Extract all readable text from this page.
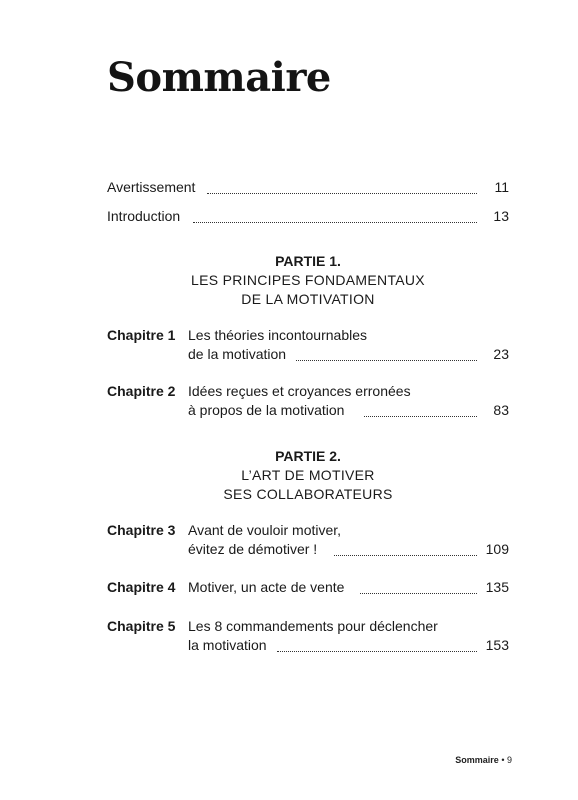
Sommaire
Avertissement	11
Introduction	13
PARTIE 1.
LES PRINCIPES FONDAMENTAUX
DE LA MOTIVATION
Chapitre 1 Les théories incontournables
de la motivation	23
Chapitre 2 Idées reçues et croyances erronées
à propos de la motivation	83
PARTIE 2.
L’ART DE MOTIVER
SES COLLABORATEURS
Chapitre 3 Avant de vouloir motiver,
évitez de démotiver !	109
Chapitre 4 Motiver, un acte de vente	135
Chapitre 5 Les 8 commandements pour déclencher
la motivation	153
Sommaire • 9
